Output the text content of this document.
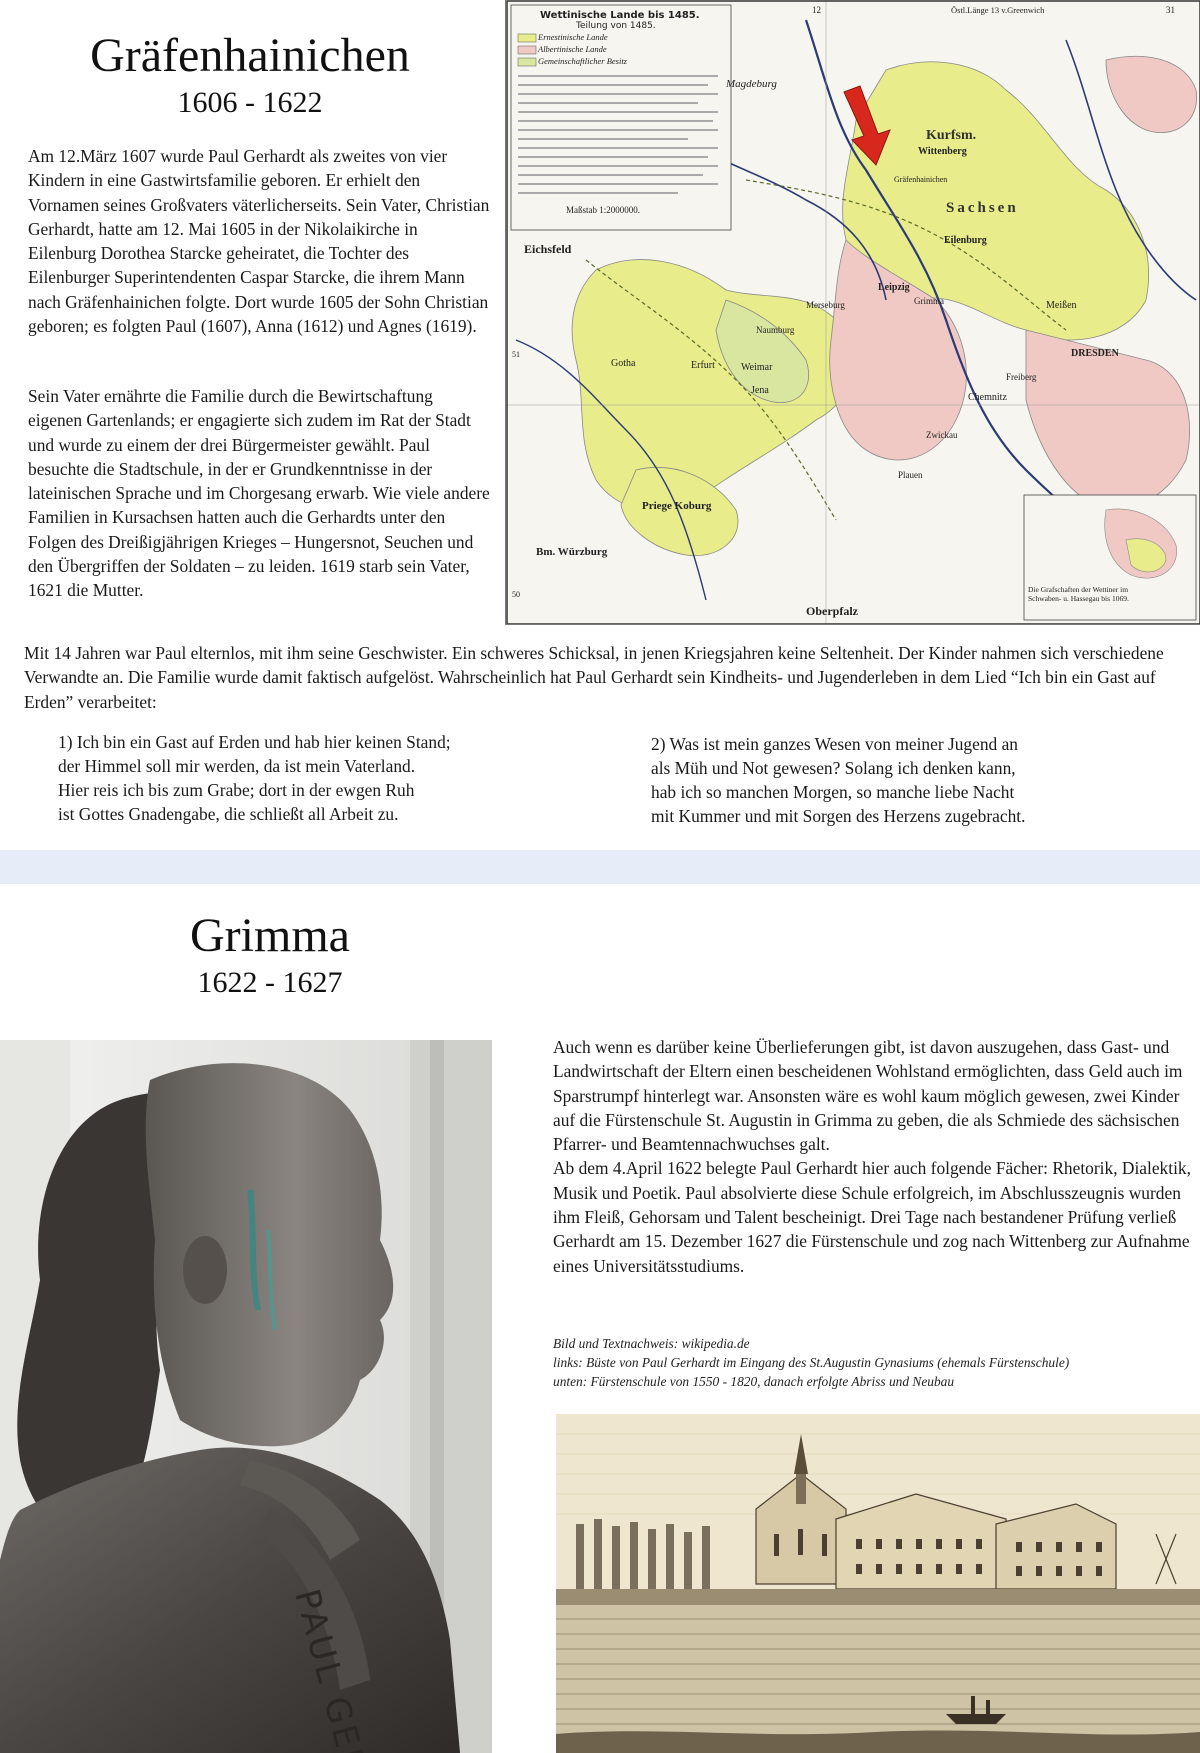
Gräfenhainichen
1606 - 1622

Am 12.März 1607 wurde Paul Gerhardt als zweites von vier Kindern in eine Gastwirtsfamilie geboren. Er erhielt den Vornamen seines Großvaters väterlicherseits. Sein Vater, Christian Gerhardt, hatte am 12. Mai 1605 in der Nikolaikirche in Eilenburg Dorothea Starcke geheiratet, die Tochter des Eilenburger Superintendenten Caspar Starcke, die ihrem Mann nach Gräfenhainichen folgte. Dort wurde 1605 der Sohn Christian geboren; es folgten Paul (1607), Anna (1612) und Agnes (1619).

Sein Vater ernährte die Familie durch die Bewirtschaftung eigenen Gartenlands; er engagierte sich zudem im Rat der Stadt und wurde zu einem der drei Bürgermeister gewählt. Paul besuchte die Stadtschule, in der er Grundkenntnisse in der lateinischen Sprache und im Chorgesang erwarb. Wie viele andere Familien in Kursachsen hatten auch die Gerhardts unter den Folgen des Dreißigjährigen Krieges – Hungersnot, Seuchen und den Übergriffen der Soldaten – zu leiden. 1619 starb sein Vater, 1621 die Mutter.

Mit 14 Jahren war Paul elternlos, mit ihm seine Geschwister. Ein schweres Schicksal, in jenen Kriegsjahren keine Seltenheit. Der Kinder nahmen sich verschiedene Verwandte an. Die Familie wurde damit faktisch aufgelöst. Wahrscheinlich hat Paul Gerhardt sein Kindheits- und Jugenderleben in dem Lied “Ich bin ein Gast auf Erden” verarbeitet:

1) Ich bin ein Gast auf Erden und hab hier keinen Stand;
der Himmel soll mir werden, da ist mein Vaterland.
Hier reis ich bis zum Grabe; dort in der ewgen Ruh
ist Gottes Gnadengabe, die schließt all Arbeit zu.
2) Was ist mein ganzes Wesen von meiner Jugend an
als Müh und Not gewesen? Solang ich denken kann,
hab ich so manchen Morgen, so manche liebe Nacht
mit Kummer und mit Sorgen des Herzens zugebracht.
Wettinische Lande bis 1485.
Teilung von 1485.
Ernestinische Lande
Albertinische Lande
Gemeinschaftlicher Besitz
Maßstab 1:2000000.
12	Östl.Länge 13 v.Greenwich	31
51
50
Magdeburg
Kurfsm.
Wittenberg
Gräfenhainichen
Sachsen
Leipzig
Eilenburg
DRESDEN
Eichsfeld
Gotha	Erfurt	Weimar
Jena
Chemnitz
Meißen
Priege Koburg
Bm. Würzburg
Oberpfalz
Freiberg
Grimma
Zwickau
Plauen
Naumburg
Merseburg
Die Grafschaften der Wettiner im Schwaben- u. Hassegau bis 1069.
Grimma
1622 - 1627
PAUL

Auch wenn es darüber keine Überlieferungen gibt, ist davon auszugehen, dass Gast- und Landwirtschaft der Eltern einen bescheidenen Wohlstand ermöglichten, dass Geld auch im Sparstrumpf hinterlegt war. Ansonsten wäre es wohl kaum möglich gewesen, zwei Kinder auf die Fürstenschule St. Augustin in Grimma zu geben, die als Schmiede des sächsischen Pfarrer- und Beamtennachwuchses galt.
Ab dem 4.April 1622 belegte Paul Gerhardt hier auch folgende Fächer: Rhetorik, Dialektik, Musik und Poetik. Paul absolvierte diese Schule erfolgreich, im Abschlusszeugnis wurden ihm Fleiß, Gehorsam und Talent bescheinigt. Drei Tage nach bestandener Prüfung verließ Gerhardt am 15. Dezember 1627 die Fürstenschule und zog nach Wittenberg zur Aufnahme eines Universitätsstudiums.

Bild und Textnachweis: wikipedia.de
links: Büste von Paul Gerhardt im Eingang des St.Augustin Gynasiums (ehemals Fürstenschule)
unten: Fürstenschule von 1550 - 1820, danach erfolgte Abriss und Neubau
